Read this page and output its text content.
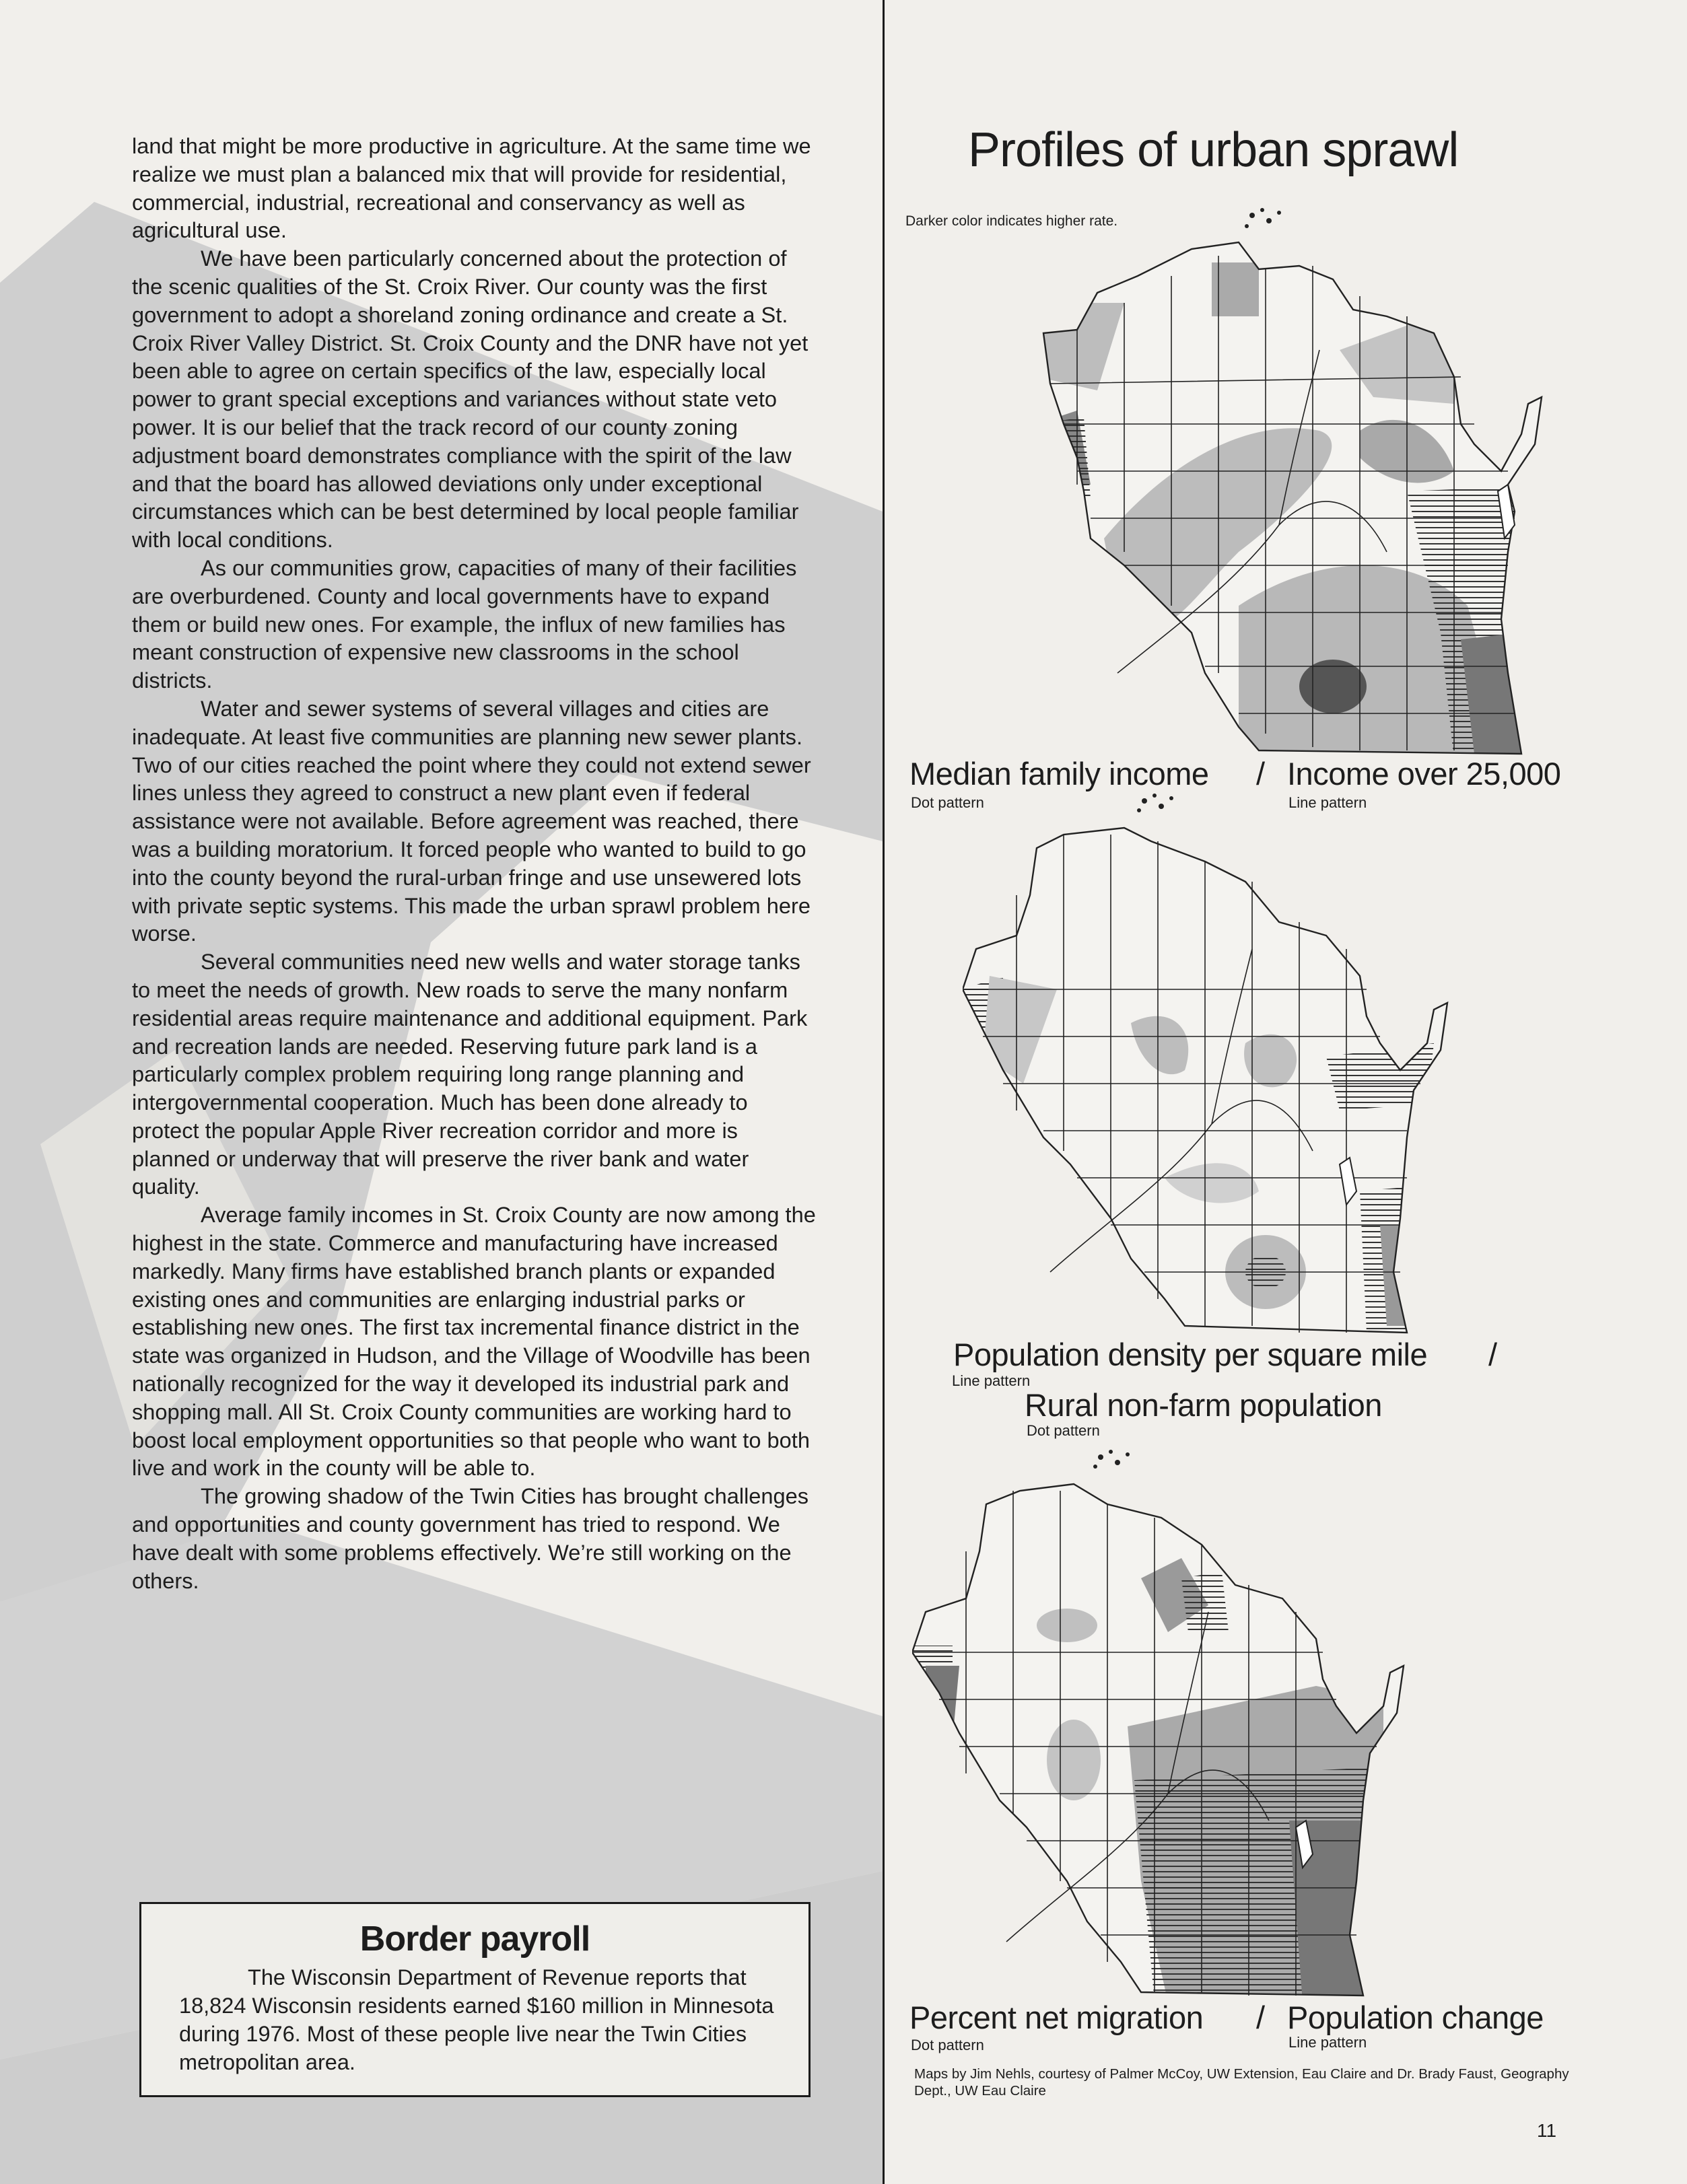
land that might be more productive in agriculture. At the same time we realize we must plan a balanced mix that will provide for residential, commercial, industrial, recreational and conservancy as well as agricultural use.

We have been particularly concerned about the protection of the scenic qualities of the St. Croix River. Our county was the first government to adopt a shoreland zoning ordinance and create a St. Croix River Valley District. St. Croix County and the DNR have not yet been able to agree on certain specifics of the law, especially local power to grant special exceptions and variances without state veto power. It is our belief that the track record of our county zoning adjustment board demonstrates compliance with the spirit of the law and that the board has allowed deviations only under exceptional circumstances which can be best determined by local people familiar with local conditions.

As our communities grow, capacities of many of their facilities are overburdened. County and local governments have to expand them or build new ones. For example, the influx of new families has meant construction of expensive new classrooms in the school districts.

Water and sewer systems of several villages and cities are inadequate. At least five communities are planning new sewer plants. Two of our cities reached the point where they could not extend sewer lines unless they agreed to construct a new plant even if federal assistance were not available. Before agreement was reached, there was a building moratorium. It forced people who wanted to build to go into the county beyond the rural-urban fringe and use unsewered lots with private septic systems. This made the urban sprawl problem here worse.

Several communities need new wells and water storage tanks to meet the needs of growth. New roads to serve the many nonfarm residential areas require maintenance and additional equipment. Park and recreation lands are needed. Reserving future park land is a particularly complex problem requiring long range planning and intergovernmental cooperation. Much has been done already to protect the popular Apple River recreation corridor and more is planned or underway that will preserve the river bank and water quality.

Average family incomes in St. Croix County are now among the highest in the state. Commerce and manufacturing have increased markedly. Many firms have established branch plants or expanded existing ones and communities are enlarging industrial parks or establishing new ones. The first tax incremental finance district in the state was organized in Hudson, and the Village of Woodville has been nationally recognized for the way it developed its industrial park and shopping mall. All St. Croix County communities are working hard to boost local employment opportunities so that people who want to both live and work in the county will be able to.

The growing shadow of the Twin Cities has brought challenges and opportunities and county government has tried to respond. We have dealt with some problems effectively. We’re still working on the others.

Border payroll
The Wisconsin Department of Revenue reports that 18,824 Wisconsin residents earned $160 million in Minnesota during 1976. Most of these people live near the Twin Cities metropolitan area.
Profiles of urban sprawl
Darker color indicates higher rate.
Median family income / Income over 25,000
Dot pattern	Line pattern
Population density per square mile /
Line pattern
Rural non-farm population
Dot pattern
Percent net migration / Population change
Dot pattern	Line pattern
Maps by Jim Nehls, courtesy of Palmer McCoy, UW Extension, Eau Claire and Dr. Brady Faust, Geography Dept., UW Eau Claire
11
